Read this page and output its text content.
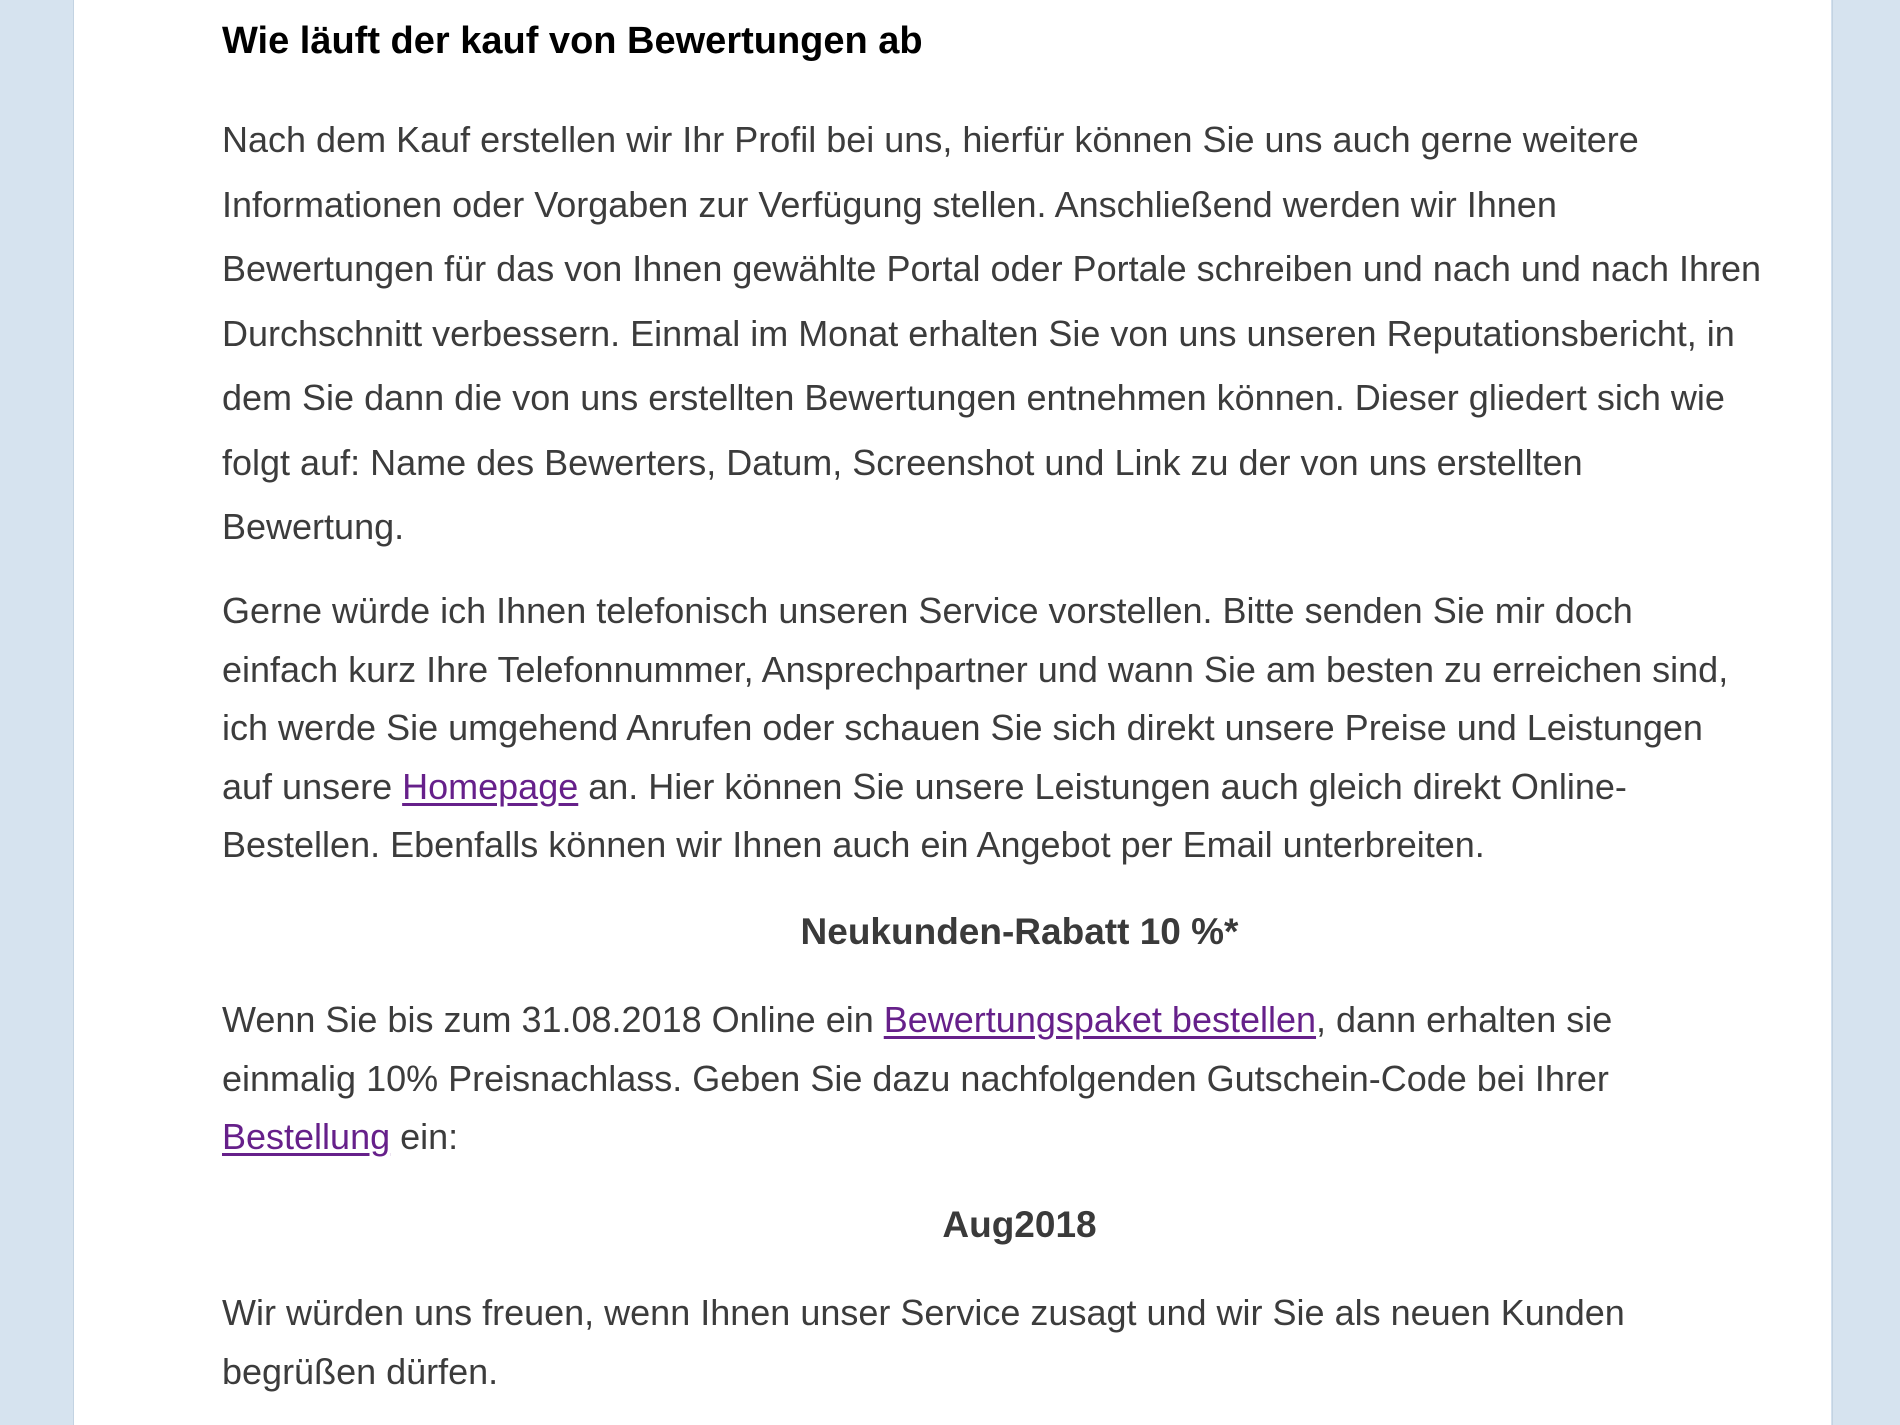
Wie läuft der kauf von Bewertungen ab

Nach dem Kauf erstellen wir Ihr Profil bei uns, hierfür können Sie uns auch gerne weitere
Informationen oder Vorgaben zur Verfügung stellen. Anschließend werden wir Ihnen
Bewertungen für das von Ihnen gewählte Portal oder Portale schreiben und nach und nach Ihren
Durchschnitt verbessern. Einmal im Monat erhalten Sie von uns unseren Reputationsbericht, in
dem Sie dann die von uns erstellten Bewertungen entnehmen können. Dieser gliedert sich wie
folgt auf: Name des Bewerters, Datum, Screenshot und Link zu der von uns erstellten
Bewertung.

Gerne würde ich Ihnen telefonisch unseren Service vorstellen. Bitte senden Sie mir doch
einfach kurz Ihre Telefonnummer, Ansprechpartner und wann Sie am besten zu erreichen sind,
ich werde Sie umgehend Anrufen oder schauen Sie sich direkt unsere Preise und Leistungen
auf unsere Homepage an. Hier können Sie unsere Leistungen auch gleich direkt Online-
Bestellen. Ebenfalls können wir Ihnen auch ein Angebot per Email unterbreiten.

Neukunden-Rabatt 10 %*

Wenn Sie bis zum 31.08.2018 Online ein Bewertungspaket bestellen, dann erhalten sie
einmalig 10% Preisnachlass. Geben Sie dazu nachfolgenden Gutschein-Code bei Ihrer
Bestellung ein:

Aug2018

Wir würden uns freuen, wenn Ihnen unser Service zusagt und wir Sie als neuen Kunden
begrüßen dürfen.
